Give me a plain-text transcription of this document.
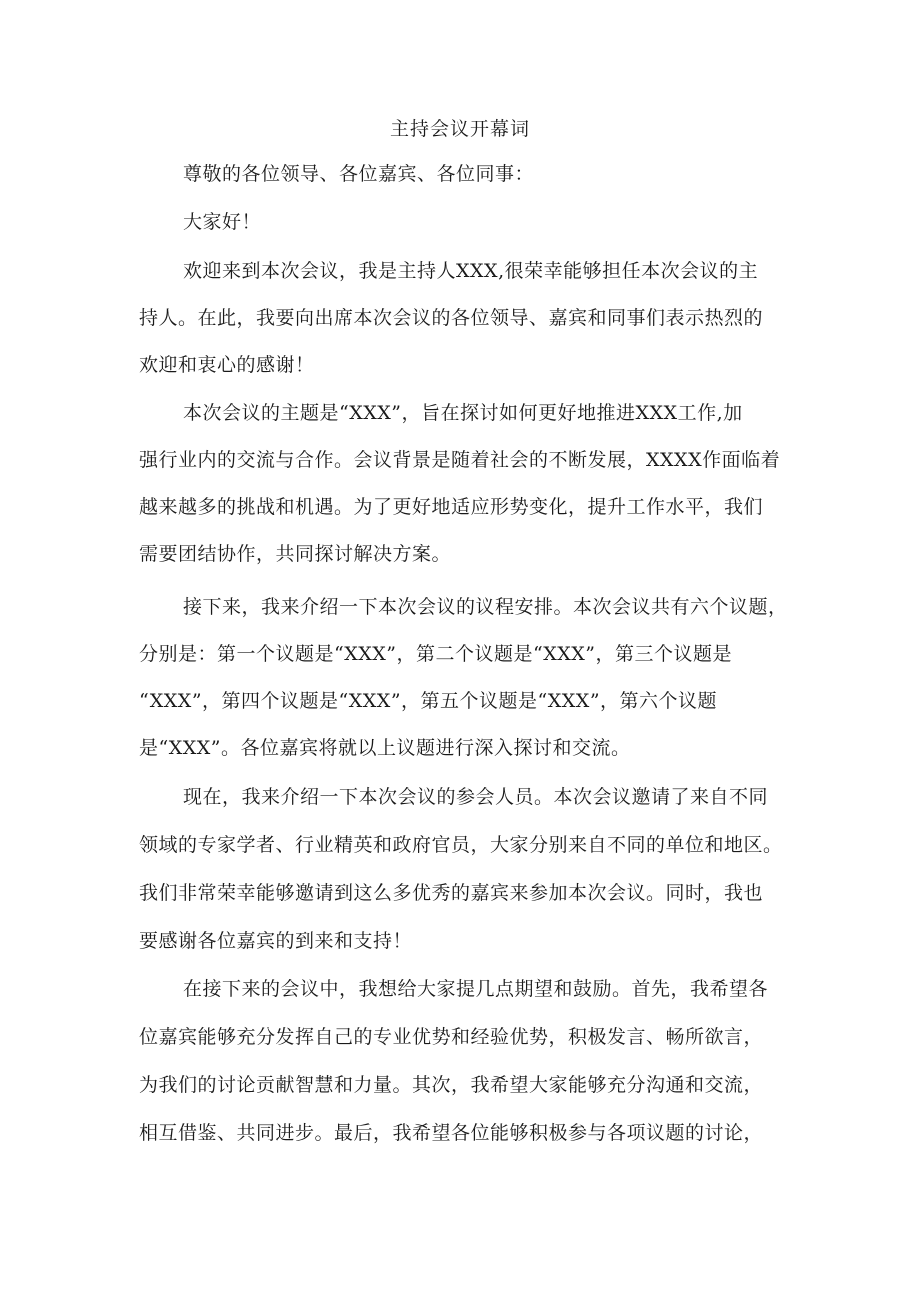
主持会议开幕词

尊敬的各位领导、各位嘉宾、各位同事：

大家好！

欢迎来到本次会议，我是主持人XXX,很荣幸能够担任本次会议的主

持人。在此，我要向出席本次会议的各位领导、嘉宾和同事们表示热烈的

欢迎和衷心的感谢！

本次会议的主题是“XXX”，旨在探讨如何更好地推进XXX工作,加

强行业内的交流与合作。会议背景是随着社会的不断发展，XXXX作面临着

越来越多的挑战和机遇。为了更好地适应形势变化，提升工作水平，我们

需要团结协作，共同探讨解决方案。

接下来，我来介绍一下本次会议的议程安排。本次会议共有六个议题，

分别是：第一个议题是“XXX”，第二个议题是“XXX”，第三个议题是

“XXX”，第四个议题是“XXX”，第五个议题是“XXX”，第六个议题

是“XXX”。各位嘉宾将就以上议题进行深入探讨和交流。

现在，我来介绍一下本次会议的参会人员。本次会议邀请了来自不同

领域的专家学者、行业精英和政府官员，大家分别来自不同的单位和地区。

我们非常荣幸能够邀请到这么多优秀的嘉宾来参加本次会议。同时，我也

要感谢各位嘉宾的到来和支持！

在接下来的会议中，我想给大家提几点期望和鼓励。首先，我希望各

位嘉宾能够充分发挥自己的专业优势和经验优势，积极发言、畅所欲言，

为我们的讨论贡献智慧和力量。其次，我希望大家能够充分沟通和交流，

相互借鉴、共同进步。最后，我希望各位能够积极参与各项议题的讨论，
